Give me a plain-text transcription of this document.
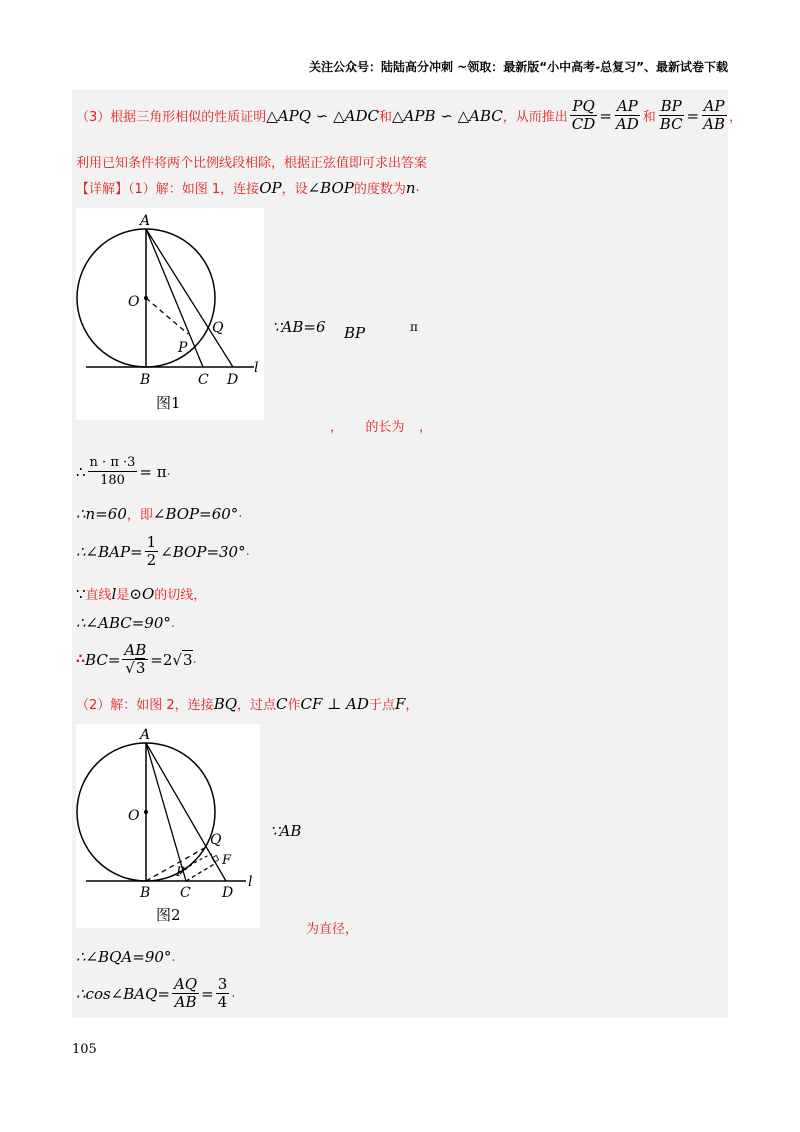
关注公众号：陆陆高分冲刺 ~领取：最新版“小中高考-总复习”、最新试卷下载
（3）根据三角形相似的性质证明 △APQ ∽ △ADC 和 △APB ∽ △ABC ，从而推出 $\frac{PQ}{CD} = \frac{AP}{AD}$ 和 $\frac{BP}{BC} = \frac{AP}{AB}$ ，
利用已知条件将两个比例线段相除，根据正弦值即可求出答案
【详解】（1）解：如图 1，连接 OP ，设 ∠BOP 的度数为 n .
A
O
Q
P
B	C D
l
图1
∵AB=6 BP	π
， 的长为 ，
∴ $\frac{n \cdot \pi \cdot 3}{180} = \pi$ .
∴n=60 ，即 ∠BOP=60° .
∴∠BAP= $\frac{1}{2}$ ∠BOP=30° .
∵ 直线 l 是 ⊙O 的切线，
∴∠ABC=90° .
∴ $BC= \frac{AB}{√3} =2$ √3 .
（2）解：如图 2，连接 BQ ，过点 C 作 CF ⊥ AD 于点 F ，
A
O
Q
F
P
B C D
l
图2
∵AB
为直径，
∴∠BQA=90° .
∴cos∠BAQ= $\frac{AQ}{AB} = \frac{3}{4}$ .
105
